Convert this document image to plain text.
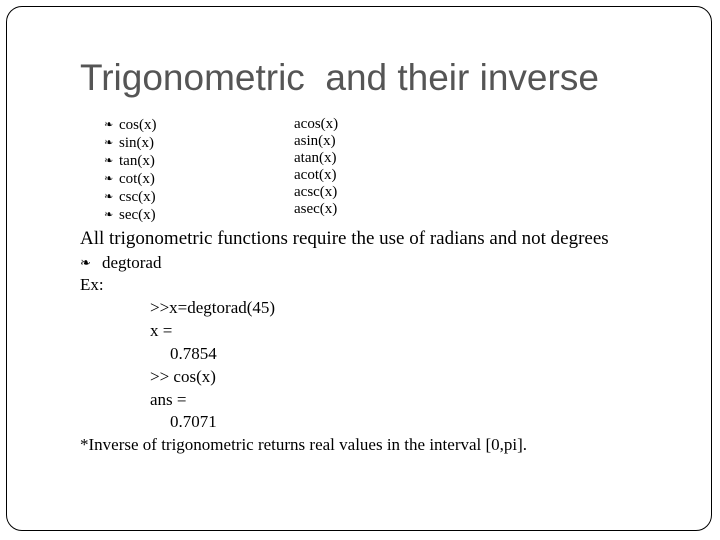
Trigonometric  and their inverse
❧ cos(x)
❧ sin(x)
❧ tan(x)
❧ cot(x)
❧ csc(x)
❧ sec(x)
acos(x)
asin(x)
atan(x)
acot(x)
acsc(x)
asec(x)

All trigonometric functions require the use of radians and not degrees

❧ degtorad

Ex:

>>x=degtorad(45)

x =

0.7854

>> cos(x)

ans =

0.7071

*Inverse of trigonometric returns real values in the interval [0,pi].
